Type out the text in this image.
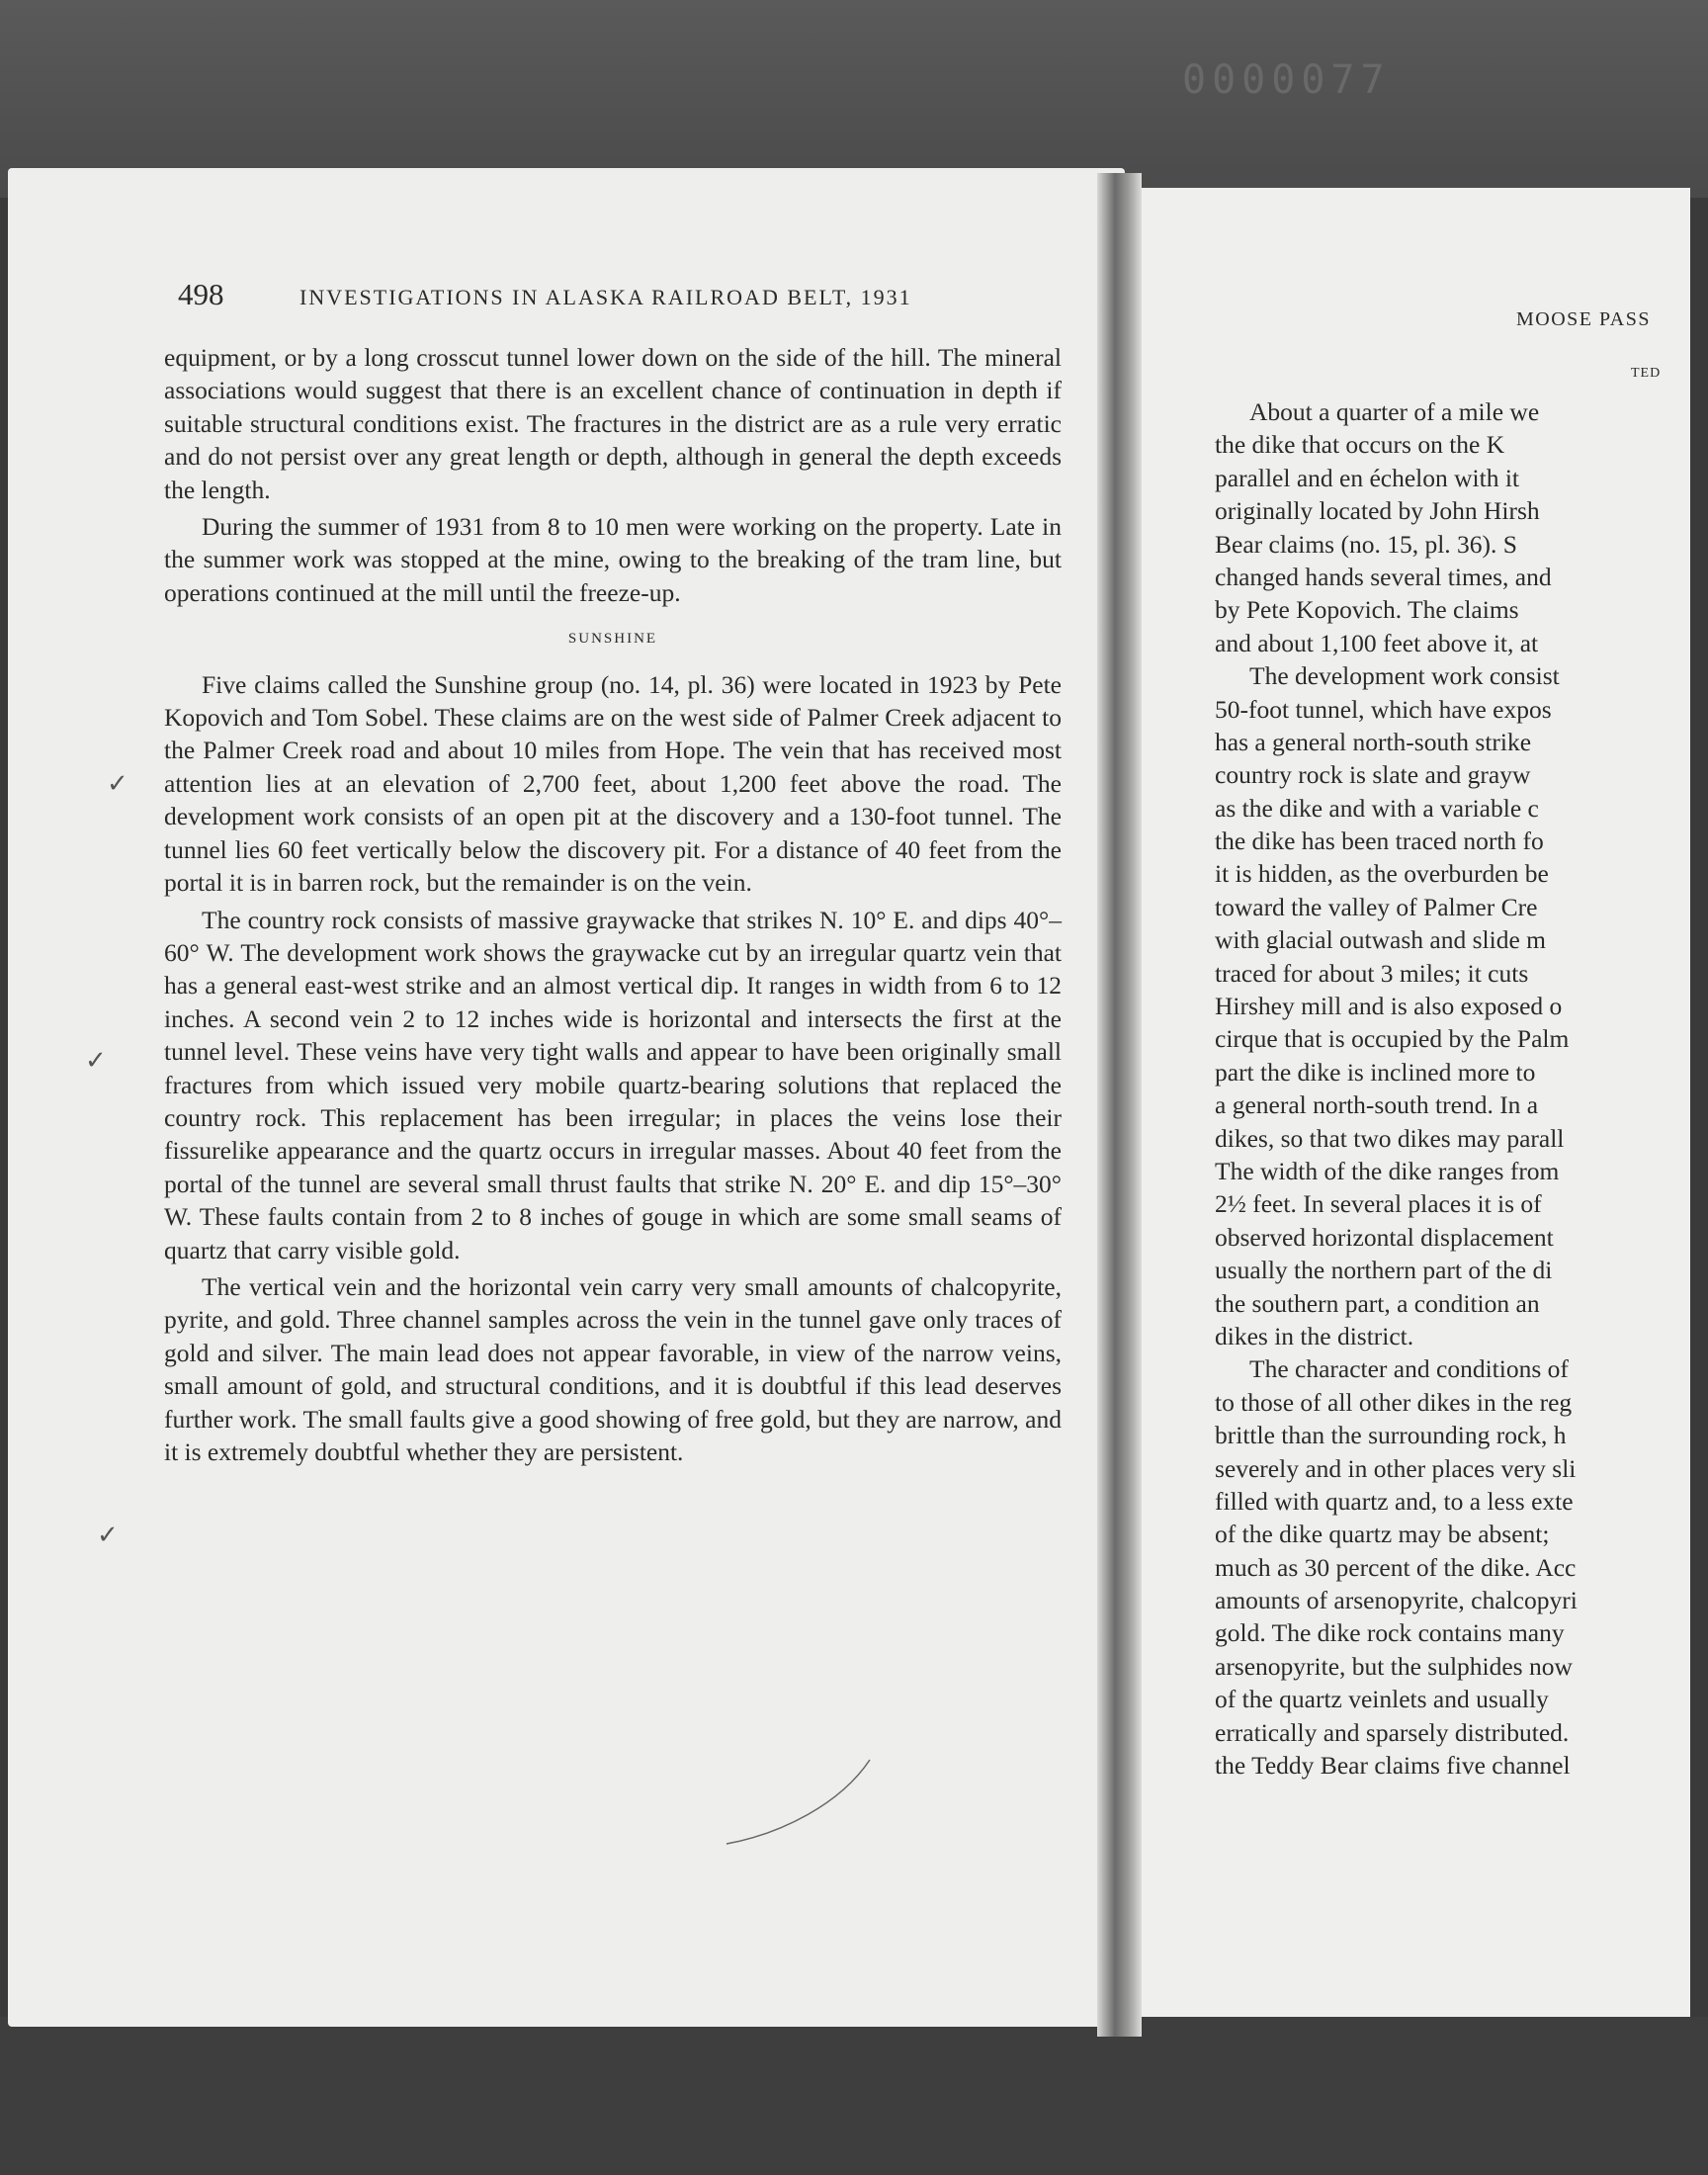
0000077
498	INVESTIGATIONS IN ALASKA RAILROAD BELT, 1931

equipment, or by a long crosscut tunnel lower down on the side of the hill. The mineral associations would suggest that there is an excellent chance of continuation in depth if suitable structural conditions exist. The fractures in the district are as a rule very erratic and do not persist over any great length or depth, although in general the depth exceeds the length.

During the summer of 1931 from 8 to 10 men were working on the property. Late in the summer work was stopped at the mine, owing to the breaking of the tram line, but operations continued at the mill until the freeze-up.

SUNSHINE

Five claims called the Sunshine group (no. 14, pl. 36) were located in 1923 by Pete Kopovich and Tom Sobel. These claims are on the west side of Palmer Creek adjacent to the Palmer Creek road and about 10 miles from Hope. The vein that has received most attention lies at an elevation of 2,700 feet, about 1,200 feet above the road. The development work consists of an open pit at the discovery and a 130-foot tunnel. The tunnel lies 60 feet vertically below the discovery pit. For a distance of 40 feet from the portal it is in barren rock, but the remainder is on the vein.

The country rock consists of massive graywacke that strikes N. 10° E. and dips 40°–60° W. The development work shows the graywacke cut by an irregular quartz vein that has a general east-west strike and an almost vertical dip. It ranges in width from 6 to 12 inches. A second vein 2 to 12 inches wide is horizontal and intersects the first at the tunnel level. These veins have very tight walls and appear to have been originally small fractures from which issued very mobile quartz-bearing solutions that replaced the country rock. This replacement has been irregular; in places the veins lose their fissurelike appearance and the quartz occurs in irregular masses. About 40 feet from the portal of the tunnel are several small thrust faults that strike N. 20° E. and dip 15°–30° W. These faults contain from 2 to 8 inches of gouge in which are some small seams of quartz that carry visible gold.

The vertical vein and the horizontal vein carry very small amounts of chalcopyrite, pyrite, and gold. Three channel samples across the vein in the tunnel gave only traces of gold and silver. The main lead does not appear favorable, in view of the narrow veins, small amount of gold, and structural conditions, and it is doubtful if this lead deserves further work. The small faults give a good showing of free gold, but they are narrow, and it is extremely doubtful whether they are persistent.

✓
✓
✓
MOOSE PASS
TED
About a quarter of a mile we
the dike that occurs on the K
parallel and en échelon with it
originally located by John Hirsh
Bear claims (no. 15, pl. 36). S
changed hands several times, and
by Pete Kopovich. The claims
and about 1,100 feet above it, at
The development work consist
50-foot tunnel, which have expos
has a general north-south strike
country rock is slate and grayw
as the dike and with a variable c
the dike has been traced north fo
it is hidden, as the overburden be
toward the valley of Palmer Cre
with glacial outwash and slide m
traced for about 3 miles; it cuts
Hirshey mill and is also exposed o
cirque that is occupied by the Palm
part the dike is inclined more to
a general north-south trend. In a
dikes, so that two dikes may parall
The width of the dike ranges from
2½ feet. In several places it is of
observed horizontal displacement
usually the northern part of the di
the southern part, a condition an
dikes in the district.
The character and conditions of
to those of all other dikes in the reg
brittle than the surrounding rock, h
severely and in other places very sli
filled with quartz and, to a less exte
of the dike quartz may be absent;
much as 30 percent of the dike. Acc
amounts of arsenopyrite, chalcopyri
gold. The dike rock contains many
arsenopyrite, but the sulphides now
of the quartz veinlets and usually
erratically and sparsely distributed.
the Teddy Bear claims five channel
